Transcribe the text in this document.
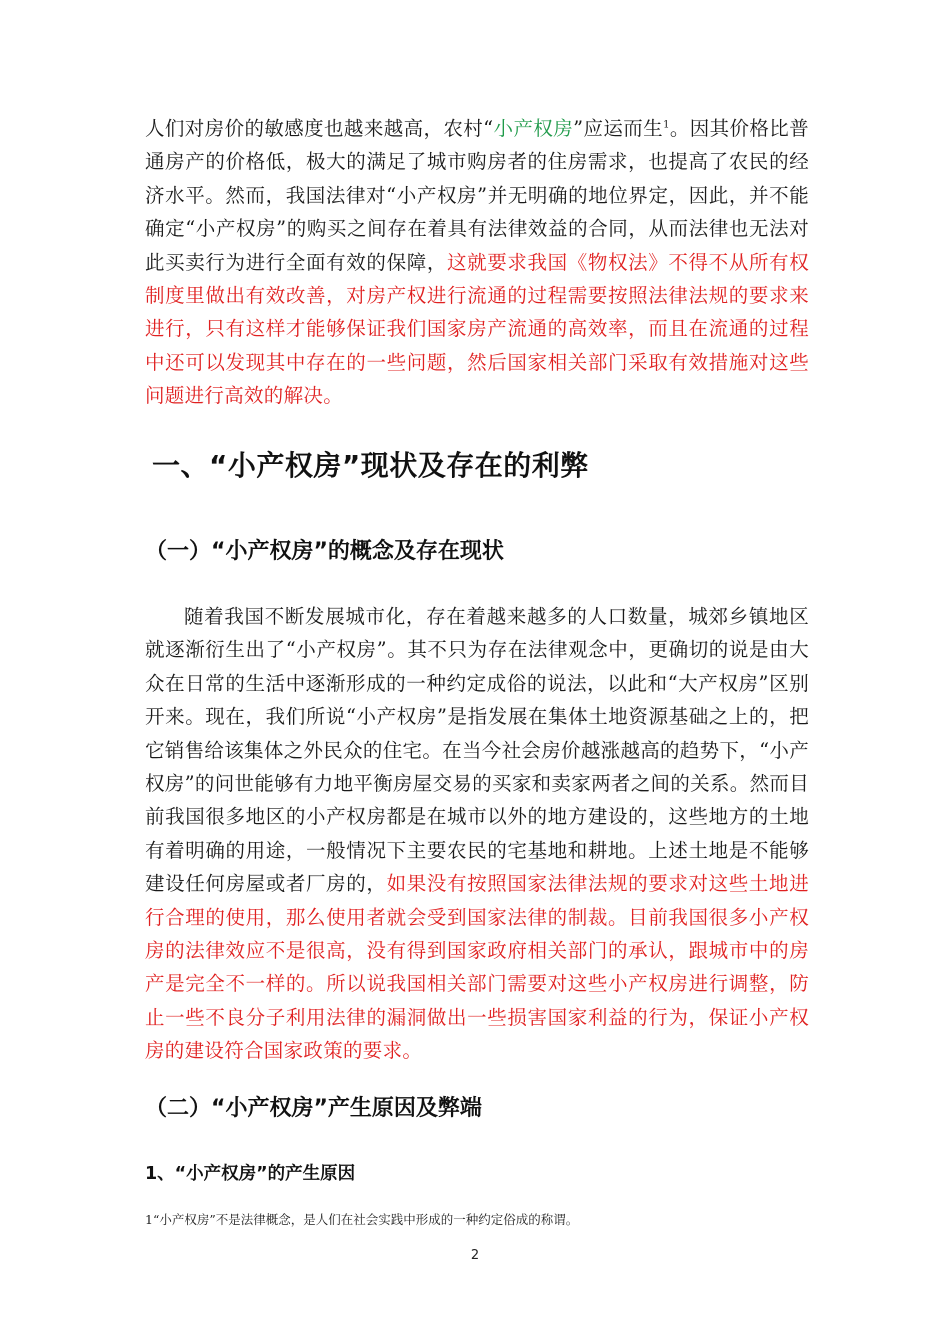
人们对房价的敏感度也越来越高，农村“小产权房”应运而生$^1$。因其价格比普通房产的价格低，极大的满足了城市购房者的住房需求，也提高了农民的经济水平。然而，我国法律对“小产权房”并无明确的地位界定，因此，并不能确定“小产权房”的购买之间存在着具有法律效益的合同，从而法律也无法对此买卖行为进行全面有效的保障，这就要求我国《物权法》不得不从所有权制度里做出有效改善，对房产权进行流通的过程需要按照法律法规的要求来进行，只有这样才能够保证我们国家房产流通的高效率，而且在流通的过程中还可以发现其中存在的一些问题，然后国家相关部门采取有效措施对这些问题进行高效的解决。

一、“小产权房”现状及存在的利弊
（一）“小产权房”的概念及存在现状

随着我国不断发展城市化，存在着越来越多的人口数量，城郊乡镇地区就逐渐衍生出了“小产权房”。其不只为存在法律观念中，更确切的说是由大众在日常的生活中逐渐形成的一种约定成俗的说法，以此和“大产权房”区别开来。现在，我们所说“小产权房”是指发展在集体土地资源基础之上的，把它销售给该集体之外民众的住宅。在当今社会房价越涨越高的趋势下，“小产权房”的问世能够有力地平衡房屋交易的买家和卖家两者之间的关系。然而目前我国很多地区的小产权房都是在城市以外的地方建设的，这些地方的土地有着明确的用途，一般情况下主要农民的宅基地和耕地。上述土地是不能够建设任何房屋或者厂房的，如果没有按照国家法律法规的要求对这些土地进行合理的使用，那么使用者就会受到国家法律的制裁。目前我国很多小产权房的法律效应不是很高，没有得到国家政府相关部门的承认，跟城市中的房产是完全不一样的。所以说我国相关部门需要对这些小产权房进行调整，防止一些不良分子利用法律的漏洞做出一些损害国家利益的行为，保证小产权房的建设符合国家政策的要求。

（二）“小产权房”产生原因及弊端
1、“小产权房”的产生原因

1“小产权房”不是法律概念，是人们在社会实践中形成的一种约定俗成的称谓。

2
